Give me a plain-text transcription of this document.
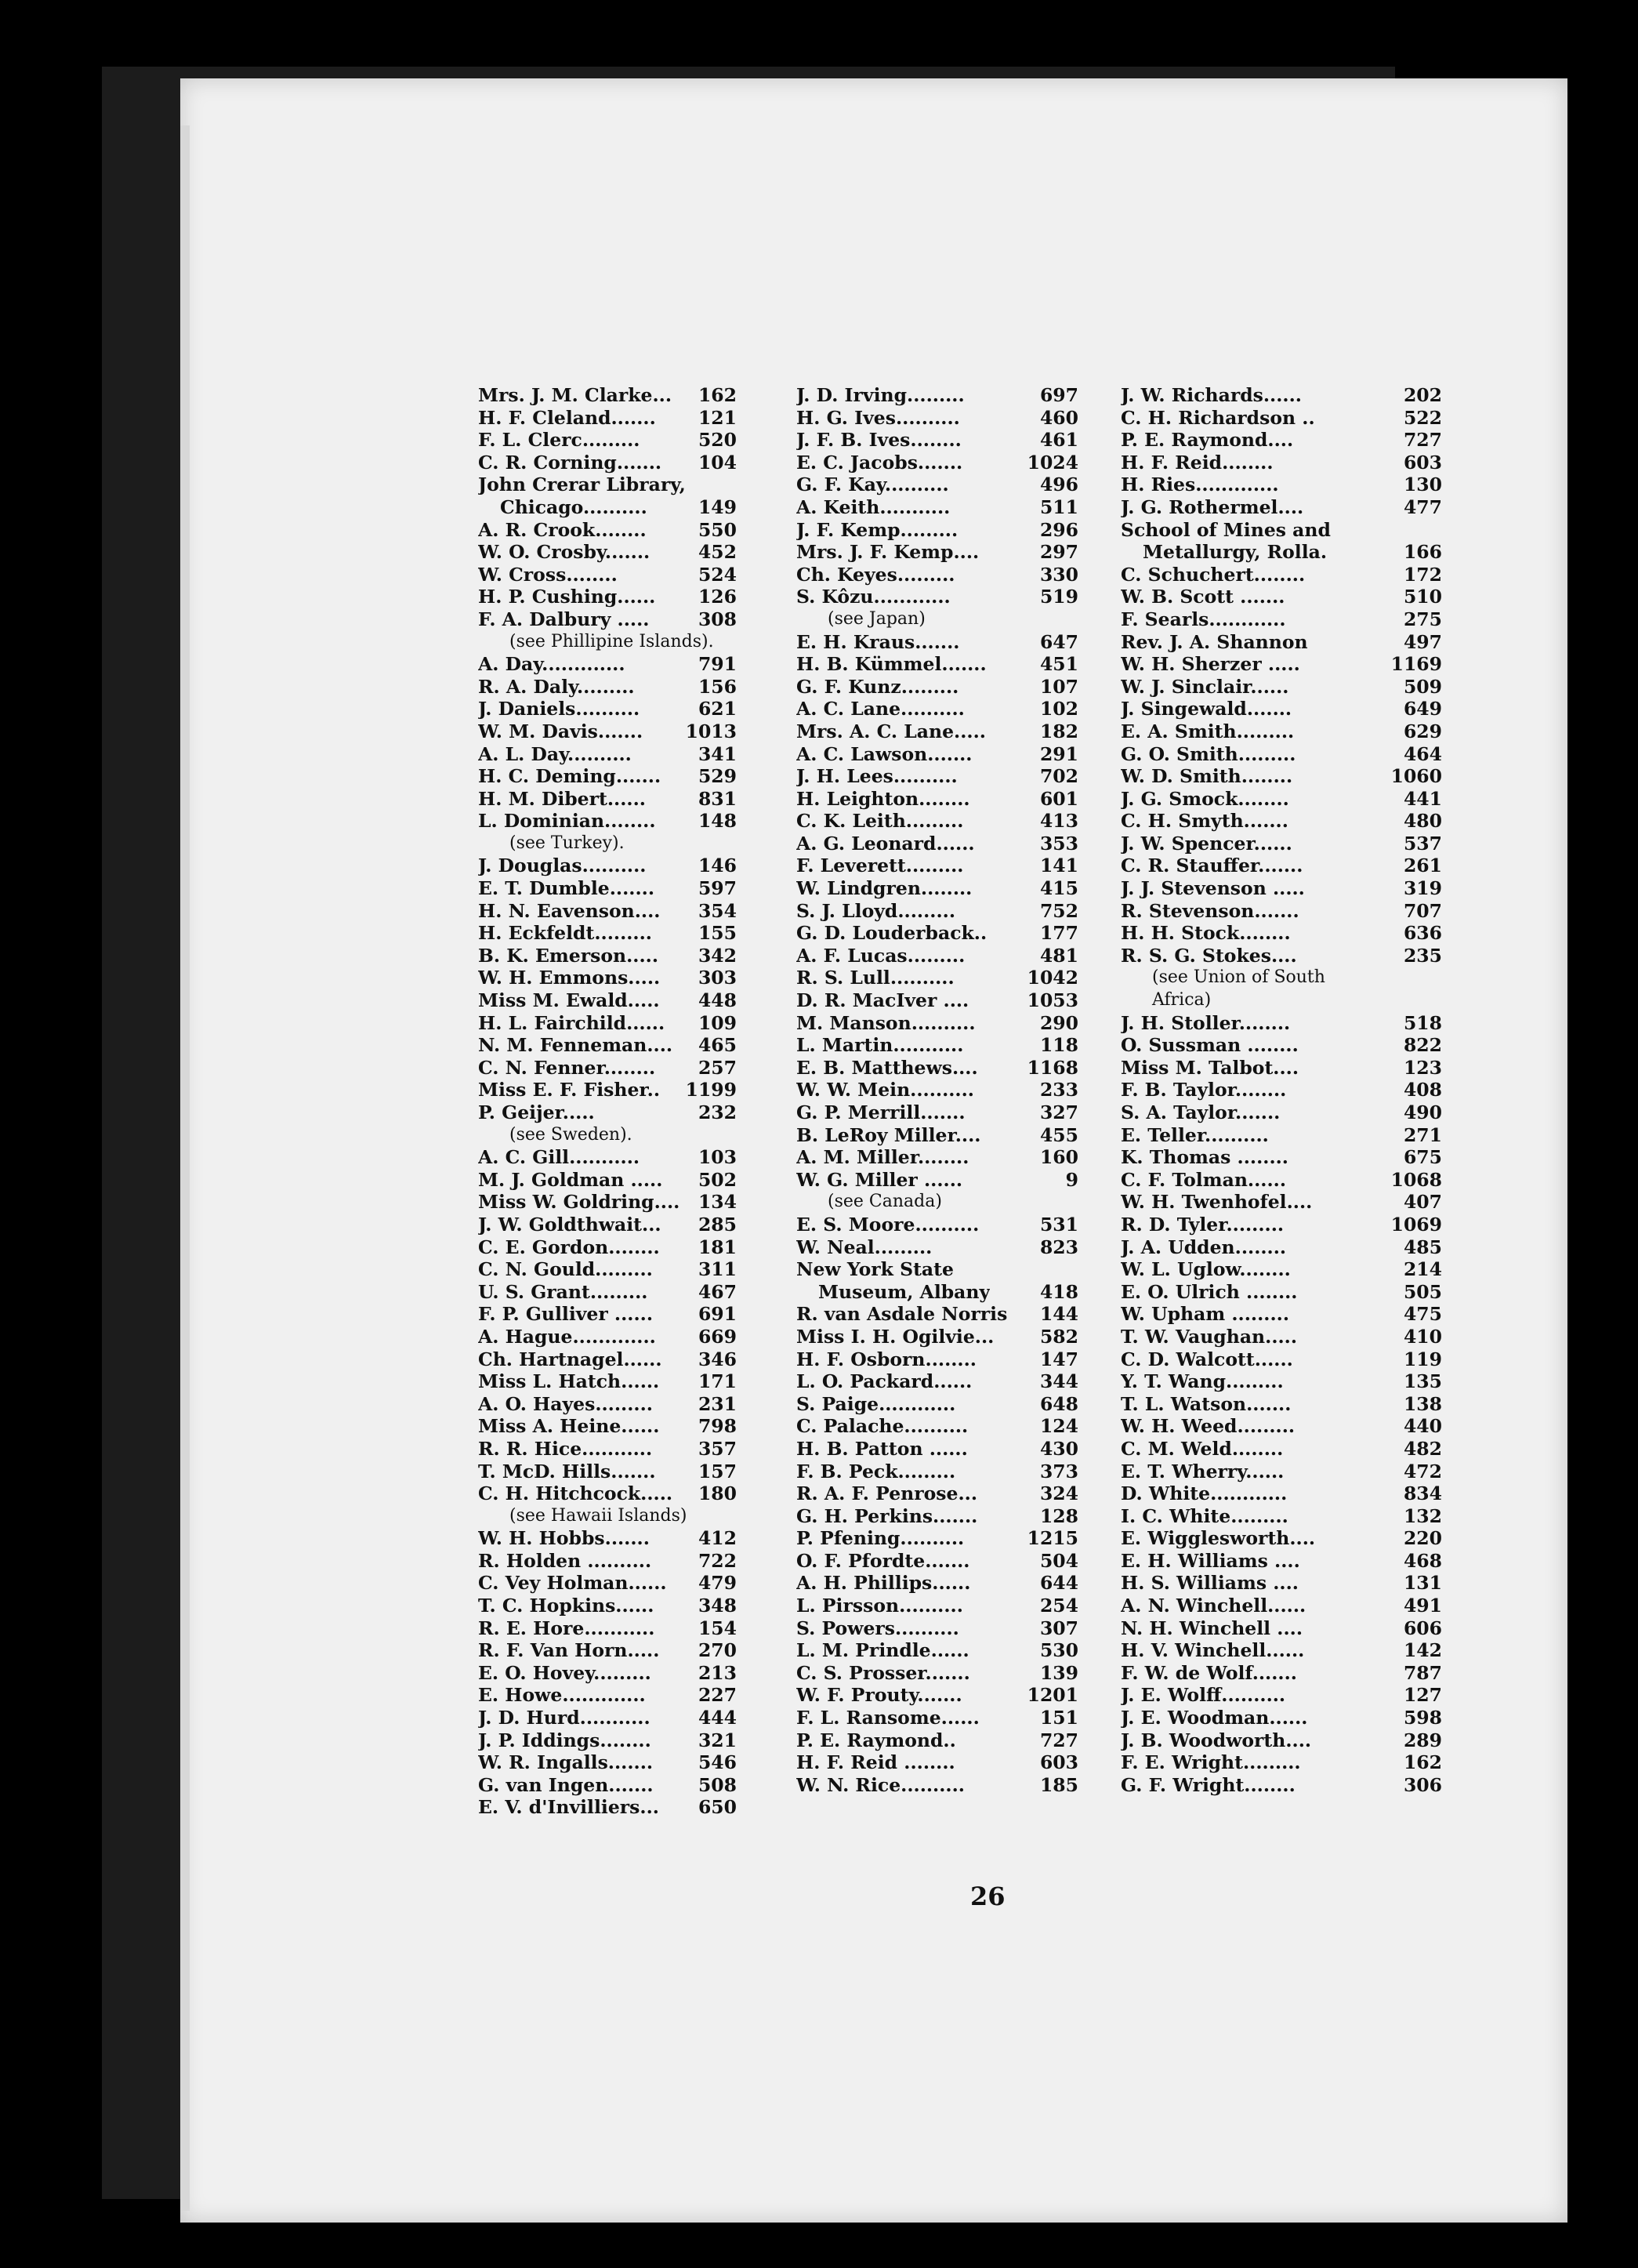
Mrs. J. M. Clarke...	162
H. F. Cleland.......	121
F. L. Clerc.........	520
C. R. Corning.......	104
John Crerar Library,
Chicago..........	149
A. R. Crook........	550
W. O. Crosby.......	452
W. Cross........	524
H. P. Cushing......	126
F. A. Dalbury .....	308
(see Phillipine Islands).
A. Day.............	791
R. A. Daly.........	156
J. Daniels..........	621
W. M. Davis.......	1013
A. L. Day..........	341
H. C. Deming.......	529
H. M. Dibert......	831
L. Dominian........	148
(see Turkey).
J. Douglas..........	146
E. T. Dumble.......	597
H. N. Eavenson....	354
H. Eckfeldt.........	155
B. K. Emerson.....	342
W. H. Emmons.....	303
Miss M. Ewald.....	448
H. L. Fairchild......	109
N. M. Fenneman....	465
C. N. Fenner........	257
Miss E. F. Fisher..	1199
P. Geijer.....	232
(see Sweden).
A. C. Gill...........	103
M. J. Goldman .....	502
Miss W. Goldring....	134
J. W. Goldthwait...	285
C. E. Gordon........	181
C. N. Gould.........	311
U. S. Grant.........	467
F. P. Gulliver ......	691
A. Hague.............	669
Ch. Hartnagel......	346
Miss L. Hatch......	171
A. O. Hayes.........	231
Miss A. Heine......	798
R. R. Hice...........	357
T. McD. Hills.......	157
C. H. Hitchcock.....	180
(see Hawaii Islands)
W. H. Hobbs.......	412
R. Holden ..........	722
C. Vey Holman......	479
T. C. Hopkins......	348
R. E. Hore...........	154
R. F. Van Horn.....	270
E. O. Hovey.........	213
E. Howe.............	227
J. D. Hurd...........	444
J. P. Iddings........	321
W. R. Ingalls.......	546
G. van Ingen.......	508
E. V. d'Invilliers...	650
J. D. Irving.........	697
H. G. Ives..........	460
J. F. B. Ives........	461
E. C. Jacobs.......	1024
G. F. Kay..........	496
A. Keith...........	511
J. F. Kemp.........	296
Mrs. J. F. Kemp....	297
Ch. Keyes.........	330
S. Kôzu............	519
(see Japan)
E. H. Kraus.......	647
H. B. Kümmel.......	451
G. F. Kunz.........	107
A. C. Lane..........	102
Mrs. A. C. Lane.....	182
A. C. Lawson.......	291
J. H. Lees..........	702
H. Leighton........	601
C. K. Leith.........	413
A. G. Leonard......	353
F. Leverett.........	141
W. Lindgren........	415
S. J. Lloyd.........	752
G. D. Louderback..	177
A. F. Lucas.........	481
R. S. Lull..........	1042
D. R. MacIver ....	1053
M. Manson..........	290
L. Martin...........	118
E. B. Matthews....	1168
W. W. Mein..........	233
G. P. Merrill.......	327
B. LeRoy Miller....	455
A. M. Miller........	160
W. G. Miller ......	9
(see Canada)
E. S. Moore..........	531
W. Neal.........	823
New York State
Museum, Albany	418
R. van Asdale Norris	144
Miss I. H. Ogilvie...	582
H. F. Osborn........	147
L. O. Packard......	344
S. Paige............	648
C. Palache..........	124
H. B. Patton ......	430
F. B. Peck.........	373
R. A. F. Penrose...	324
G. H. Perkins.......	128
P. Pfening..........	1215
O. F. Pfordte.......	504
A. H. Phillips......	644
L. Pirsson..........	254
S. Powers..........	307
L. M. Prindle......	530
C. S. Prosser.......	139
W. F. Prouty.......	1201
F. L. Ransome......	151
P. E. Raymond..	727
H. F. Reid ........	603
W. N. Rice..........	185
J. W. Richards......	202
C. H. Richardson ..	522
P. E. Raymond....	727
H. F. Reid........	603
H. Ries.............	130
J. G. Rothermel....	477
School of Mines and
Metallurgy, Rolla.	166
C. Schuchert........	172
W. B. Scott .......	510
F. Searls............	275
Rev. J. A. Shannon	497
W. H. Sherzer .....	1169
W. J. Sinclair......	509
J. Singewald.......	649
E. A. Smith.........	629
G. O. Smith.........	464
W. D. Smith........	1060
J. G. Smock........	441
C. H. Smyth.......	480
J. W. Spencer......	537
C. R. Stauffer.......	261
J. J. Stevenson .....	319
R. Stevenson.......	707
H. H. Stock........	636
R. S. G. Stokes....	235
(see Union of South
Africa)
J. H. Stoller........	518
O. Sussman ........	822
Miss M. Talbot....	123
F. B. Taylor........	408
S. A. Taylor.......	490
E. Teller..........	271
K. Thomas ........	675
C. F. Tolman......	1068
W. H. Twenhofel....	407
R. D. Tyler.........	1069
J. A. Udden........	485
W. L. Uglow........	214
E. O. Ulrich ........	505
W. Upham .........	475
T. W. Vaughan.....	410
C. D. Walcott......	119
Y. T. Wang.........	135
T. L. Watson.......	138
W. H. Weed.........	440
C. M. Weld........	482
E. T. Wherry......	472
D. White............	834
I. C. White.........	132
E. Wigglesworth....	220
E. H. Williams ....	468
H. S. Williams ....	131
A. N. Winchell......	491
N. H. Winchell ....	606
H. V. Winchell......	142
F. W. de Wolf.......	787
J. E. Wolff..........	127
J. E. Woodman......	598
J. B. Woodworth....	289
F. E. Wright.........	162
G. F. Wright........	306
26
